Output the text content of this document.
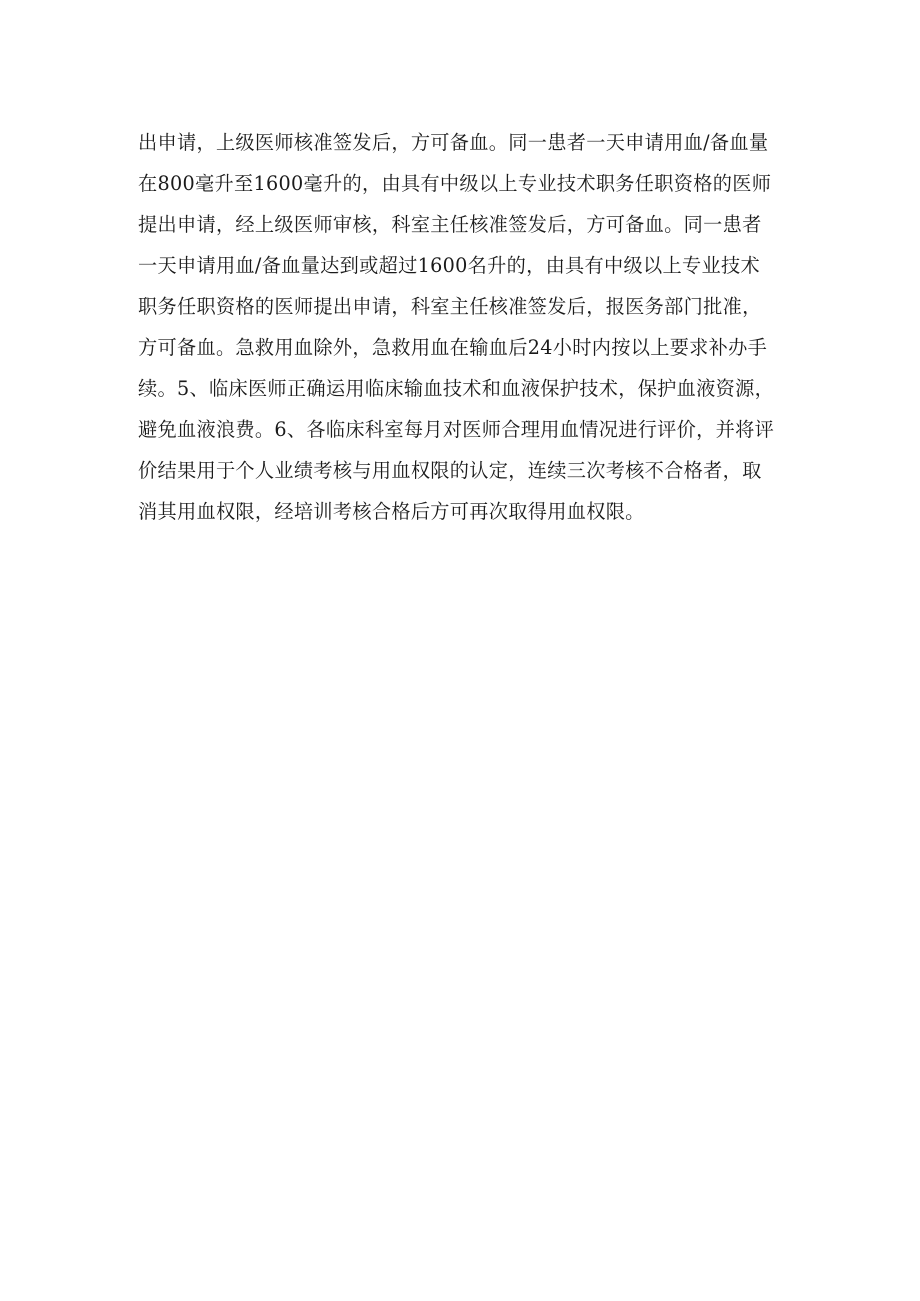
出申请，上级医师核准签发后，方可备血。同一患者一天申请用血/备血量
在800毫升至1600毫升的，由具有中级以上专业技术职务任职资格的医师
提出申请，经上级医师审核，科室主任核准签发后，方可备血。同一患者
一天申请用血/备血量达到或超过1600名升的，由具有中级以上专业技术
职务任职资格的医师提出申请，科室主任核准签发后，报医务部门批准，
方可备血。急救用血除外，急救用血在输血后24小时内按以上要求补办手
续。5、临床医师正确运用临床输血技术和血液保护技术，保护血液资源，
避免血液浪费。6、各临床科室每月对医师合理用血情况进行评价，并将评
价结果用于个人业绩考核与用血权限的认定，连续三次考核不合格者，取
消其用血权限，经培训考核合格后方可再次取得用血权限。
